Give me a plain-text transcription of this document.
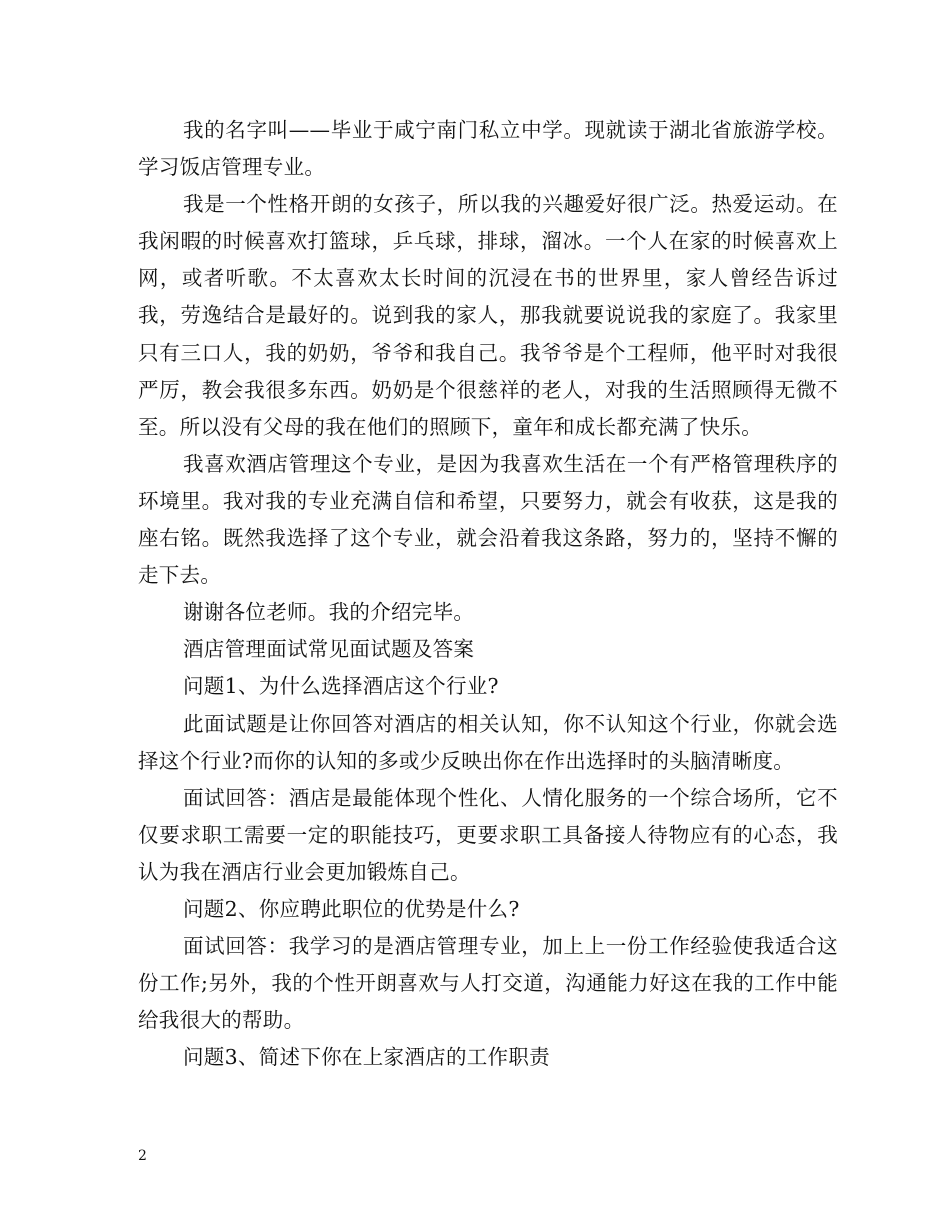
我的名字叫——毕业于咸宁南门私立中学。现就读于湖北省旅游学校。学习饭店管理专业。

我是一个性格开朗的女孩子，所以我的兴趣爱好很广泛。热爱运动。在我闲暇的时候喜欢打篮球，乒乓球，排球，溜冰。一个人在家的时候喜欢上网，或者听歌。不太喜欢太长时间的沉浸在书的世界里，家人曾经告诉过我，劳逸结合是最好的。说到我的家人，那我就要说说我的家庭了。我家里只有三口人，我的奶奶，爷爷和我自己。我爷爷是个工程师，他平时对我很严厉，教会我很多东西。奶奶是个很慈祥的老人，对我的生活照顾得无微不至。所以没有父母的我在他们的照顾下，童年和成长都充满了快乐。

我喜欢酒店管理这个专业，是因为我喜欢生活在一个有严格管理秩序的环境里。我对我的专业充满自信和希望，只要努力，就会有收获，这是我的座右铭。既然我选择了这个专业，就会沿着我这条路，努力的，坚持不懈的走下去。

谢谢各位老师。我的介绍完毕。

酒店管理面试常见面试题及答案

问题1、为什么选择酒店这个行业?

此面试题是让你回答对酒店的相关认知，你不认知这个行业，你就会选择这个行业?而你的认知的多或少反映出你在作出选择时的头脑清晰度。

面试回答：酒店是最能体现个性化、人情化服务的一个综合场所，它不仅要求职工需要一定的职能技巧，更要求职工具备接人待物应有的心态，我认为我在酒店行业会更加锻炼自己。

问题2、你应聘此职位的优势是什么?

面试回答：我学习的是酒店管理专业，加上上一份工作经验使我适合这份工作;另外，我的个性开朗喜欢与人打交道，沟通能力好这在我的工作中能给我很大的帮助。

问题3、简述下你在上家酒店的工作职责

2
